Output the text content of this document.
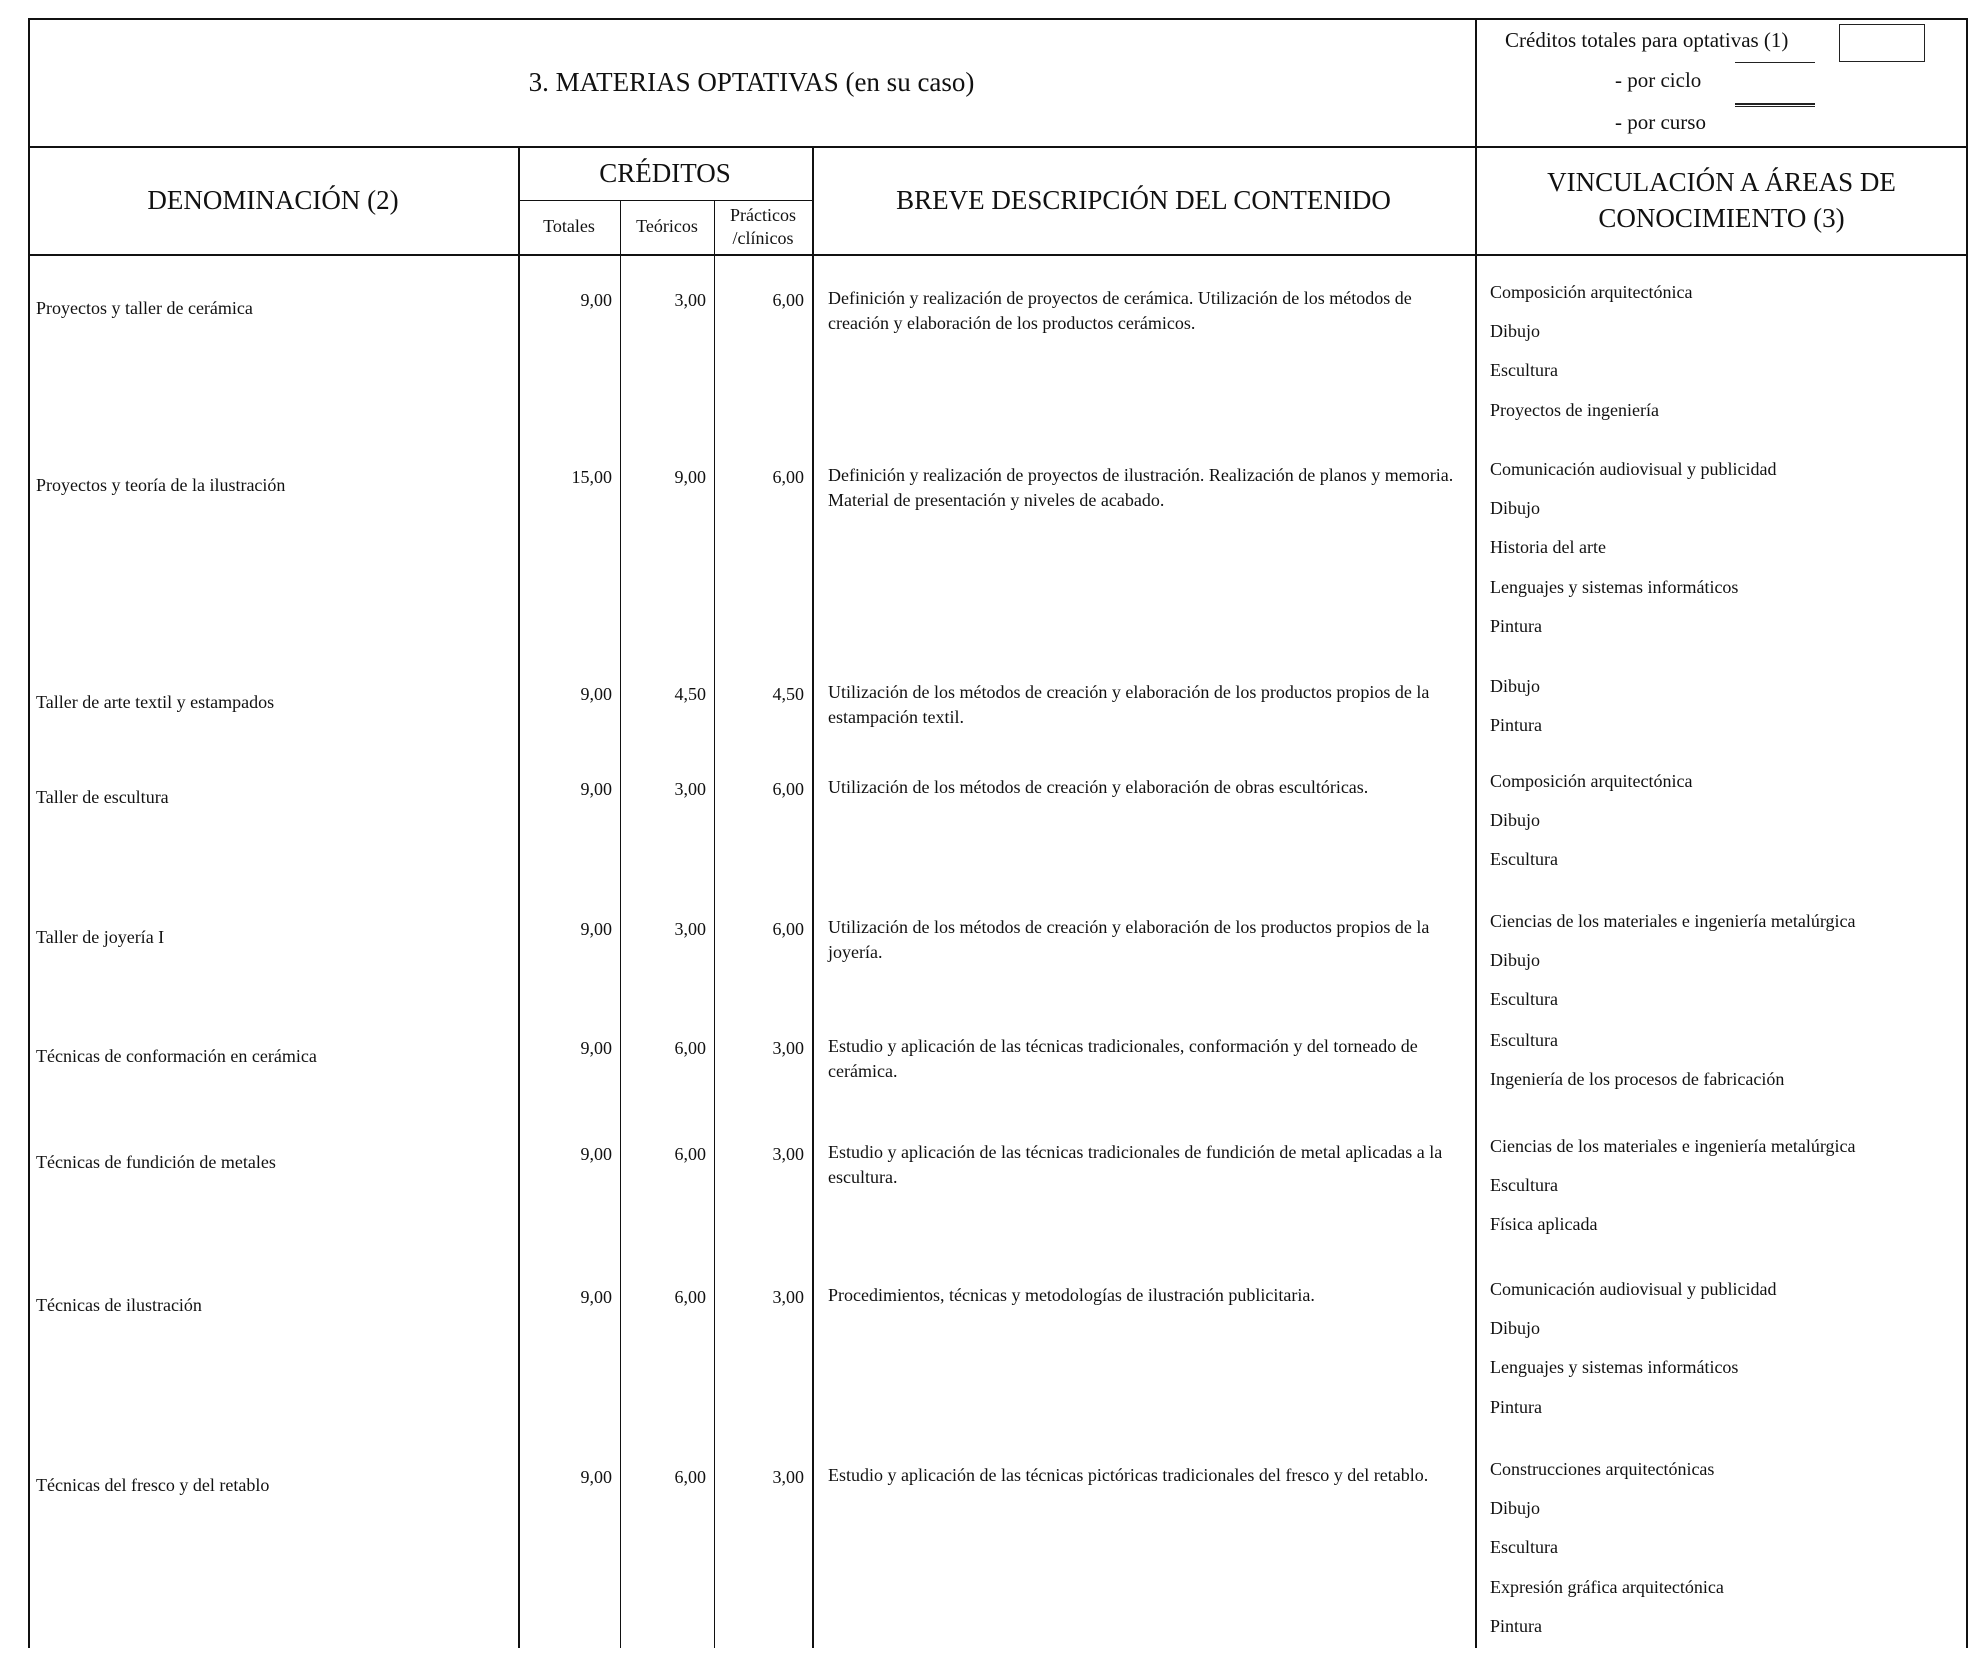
3. MATERIAS OPTATIVAS (en su caso)
Créditos totales para optativas (1)
- por ciclo
- por curso
DENOMINACIÓN (2)
CRÉDITOS
Totales	Teóricos
Prácticos
/clínicos
BREVE DESCRIPCIÓN DEL CONTENIDO
VINCULACIÓN A ÁREAS DE
CONOCIMIENTO (3)
Proyectos y taller de cerámica	9,00	3,00	6,00 Definición y realización de proyectos de cerámica. Utilización de los métodos de creación y elaboración de los productos cerámicos.
Composición arquitectónica
Dibujo
Escultura
Proyectos de ingeniería
Proyectos y teoría de la ilustración	15,00	9,00	6,00 Definición y realización de proyectos de ilustración. Realización de planos y memoria. Material de presentación y niveles de acabado.
Comunicación audiovisual y publicidad
Dibujo
Historia del arte
Lenguajes y sistemas informáticos
Pintura
Taller de arte textil y estampados	9,00	4,50	4,50 Utilización de los métodos de creación y elaboración de los productos propios de la estampación textil.
Dibujo
Pintura
Taller de escultura	9,00	3,00	6,00 Utilización de los métodos de creación y elaboración de obras escultóricas.	Composición arquitectónica
Dibujo
Escultura
Taller de joyería I	9,00	3,00	6,00 Utilización de los métodos de creación y elaboración de los productos propios de la joyería.
Ciencias de los materiales e ingeniería metalúrgica
Dibujo
Escultura
Técnicas de conformación en cerámica	9,00	6,00	3,00 Estudio y aplicación de las técnicas tradicionales, conformación y del torneado de cerámica.
Escultura
Ingeniería de los procesos de fabricación
Técnicas de fundición de metales	9,00	6,00	3,00 Estudio y aplicación de las técnicas tradicionales de fundición de metal aplicadas a la escultura.
Ciencias de los materiales e ingeniería metalúrgica
Escultura
Física aplicada
Técnicas de ilustración	9,00	6,00	3,00 Procedimientos, técnicas y metodologías de ilustración publicitaria.	Comunicación audiovisual y publicidad
Dibujo
Lenguajes y sistemas informáticos
Pintura
Técnicas del fresco y del retablo	9,00	6,00	3,00 Estudio y aplicación de las técnicas pictóricas tradicionales del fresco y del retablo.	Construcciones arquitectónicas
Dibujo
Escultura
Expresión gráfica arquitectónica
Pintura
